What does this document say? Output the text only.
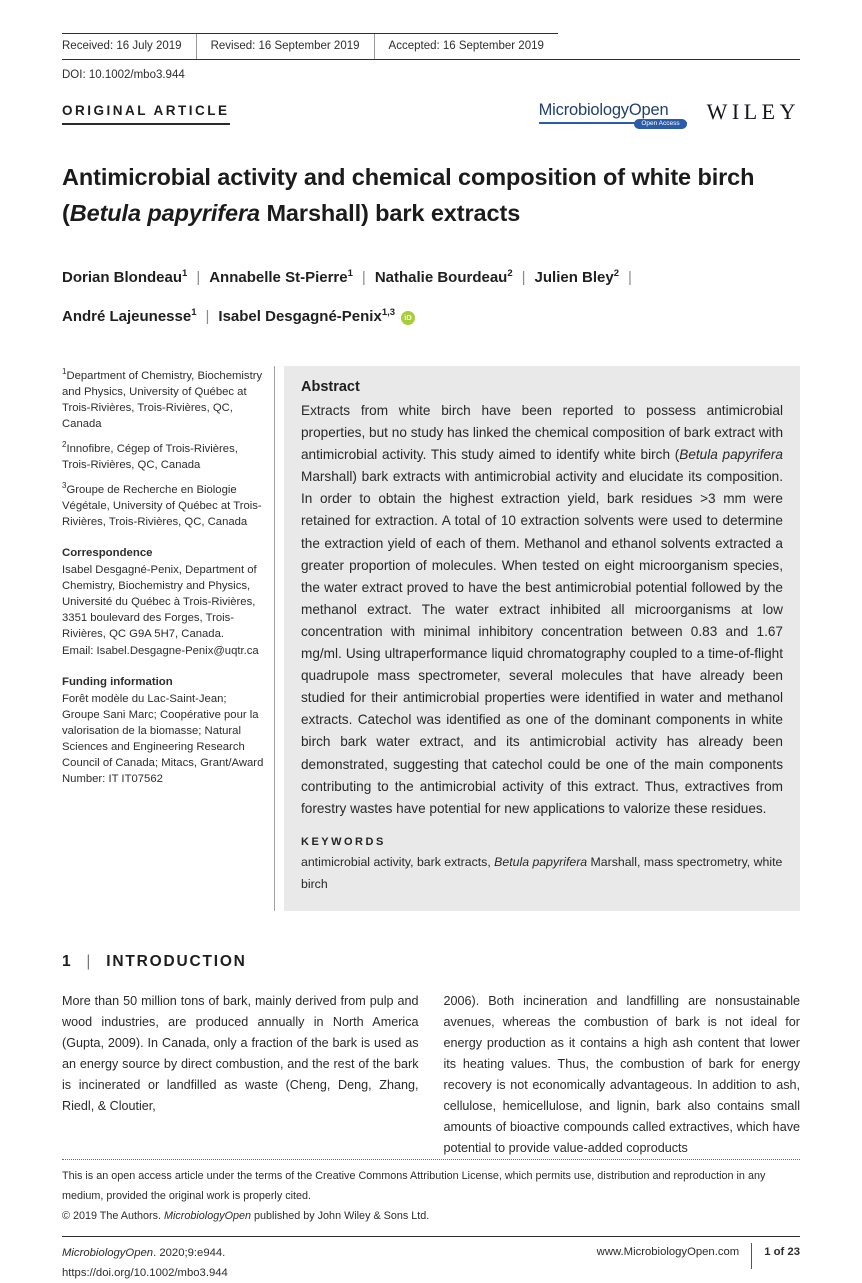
Received: 16 July 2019	Revised: 16 September 2019	Accepted: 16 September 2019
DOI: 10.1002/mbo3.944
ORIGINAL ARTICLE	MicrobiologyOpen
Open Access	WILEY
Antimicrobial activity and chemical composition of white birch
(Betula papyrifera Marshall) bark extracts
Dorian Blondeau$^1$ | Annabelle St-Pierre$^1$ | Nathalie Bourdeau$^2$ | Julien Bley$^2$ |
André Lajeunesse$^1$ | Isabel Desgagné-Penix$^{1,3}$ iD
$^1$Department of Chemistry, Biochemistry and Physics, University of Québec at Trois-Rivières, Trois-Rivières, QC, Canada
$^2$Innofibre, Cégep of Trois-Rivières, Trois-Rivières, QC, Canada
$^3$Groupe de Recherche en Biologie Végétale, University of Québec at Trois-Rivières, Trois-Rivières, QC, Canada
Correspondence
Isabel Desgagné-Penix, Department of Chemistry, Biochemistry and Physics, Université du Québec à Trois-Rivières, 3351 boulevard des Forges, Trois-Rivières, QC G9A 5H7, Canada.
Email: Isabel.Desgagne-Penix@uqtr.ca
Funding information
Forêt modèle du Lac-Saint-Jean; Groupe Sani Marc; Coopérative pour la valorisation de la biomasse; Natural Sciences and Engineering Research Council of Canada; Mitacs, Grant/Award Number: IT IT07562
Abstract

Extracts from white birch have been reported to possess antimicrobial properties, but no study has linked the chemical composition of bark extract with antimicrobial activity. This study aimed to identify white birch (Betula papyrifera Marshall) bark extracts with antimicrobial activity and elucidate its composition. In order to obtain the highest extraction yield, bark residues >3 mm were retained for extraction. A total of 10 extraction solvents were used to determine the extraction yield of each of them. Methanol and ethanol solvents extracted a greater proportion of molecules. When tested on eight microorganism species, the water extract proved to have the best antimicrobial potential followed by the methanol extract. The water extract inhibited all microorganisms at low concentration with minimal inhibitory concentration between 0.83 and 1.67 mg/ml. Using ultraperformance liquid chromatography coupled to a time-of-flight quadrupole mass spectrometer, several molecules that have already been studied for their antimicrobial properties were identified in water and methanol extracts. Catechol was identified as one of the dominant components in white birch bark water extract, and its antimicrobial activity has already been demonstrated, suggesting that catechol could be one of the main components contributing to the antimicrobial activity of this extract. Thus, extractives from forestry wastes have potential for new applications to valorize these residues.

KEYWORDS

antimicrobial activity, bark extracts, Betula papyrifera Marshall, mass spectrometry, white birch

1 | INTRODUCTION

More than 50 million tons of bark, mainly derived from pulp and wood industries, are produced annually in North America (Gupta, 2009). In Canada, only a fraction of the bark is used as an energy source by direct combustion, and the rest of the bark is incinerated or landfilled as waste (Cheng, Deng, Zhang, Riedl, & Cloutier,

2006). Both incineration and landfilling are nonsustainable avenues, whereas the combustion of bark is not ideal for energy production as it contains a high ash content that lower its heating values. Thus, the combustion of bark for energy recovery is not economically advantageous. In addition to ash, cellulose, hemicellulose, and lignin, bark also contains small amounts of bioactive compounds called extractives, which have potential to provide value-added coproducts

This is an open access article under the terms of the Creative Commons Attribution License, which permits use, distribution and reproduction in any medium, provided the original work is properly cited.
© 2019 The Authors. MicrobiologyOpen published by John Wiley & Sons Ltd.
MicrobiologyOpen. 2020;9:e944.
https://doi.org/10.1002/mbo3.944
www.MicrobiologyOpen.com 1 of 23
